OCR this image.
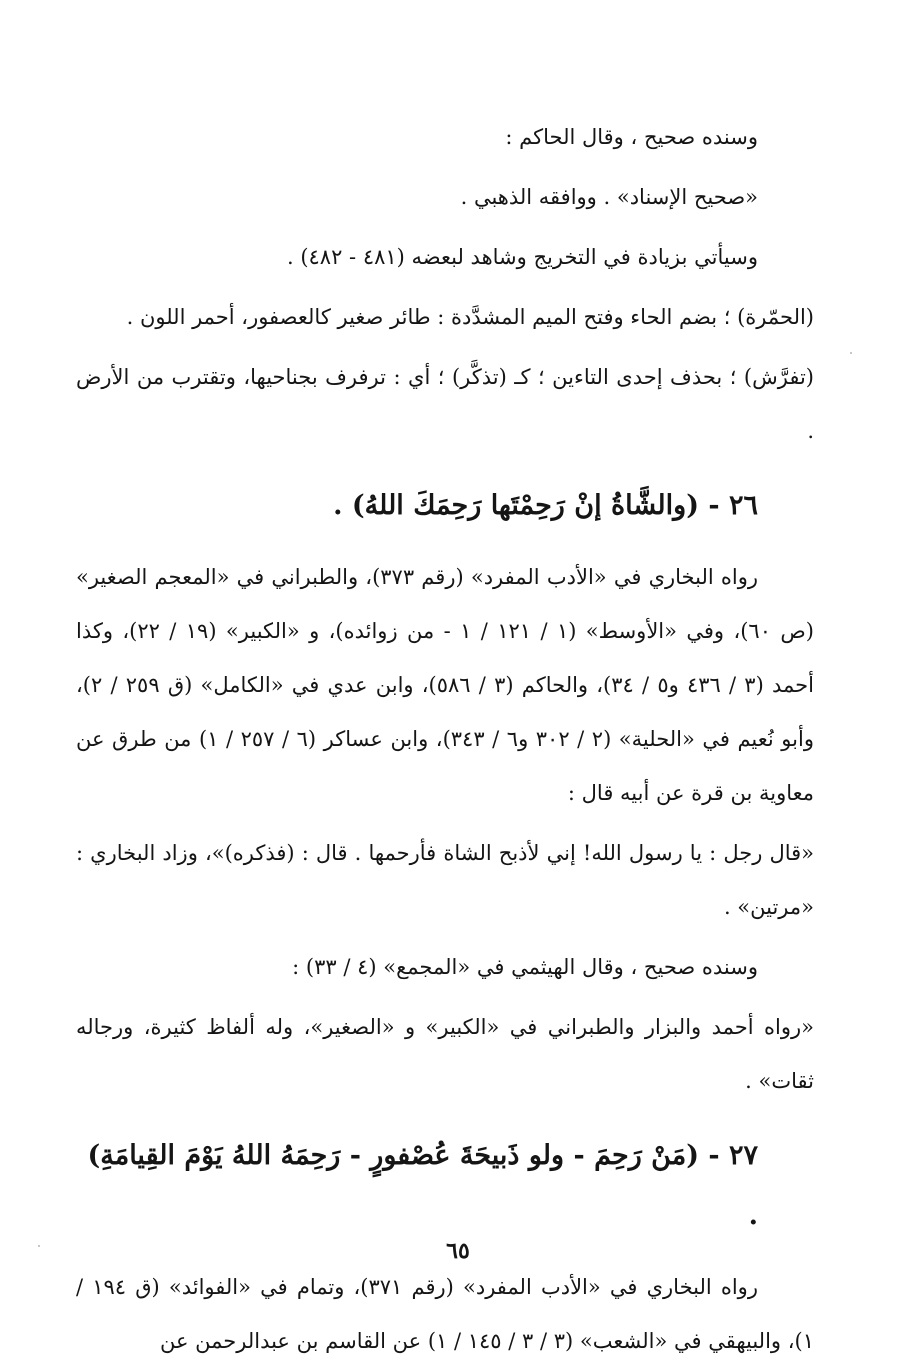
وسنده صحيح ، وقال الحاكم :

«صحيح الإسناد» . ووافقه الذهبي .

وسيأتي بزيادة في التخريج وشاهد لبعضه (٤٨١ - ٤٨٢) .

(الحمّرة) ؛ بضم الحاء وفتح الميم المشدَّدة : طائر صغير كالعصفور، أحمر اللون .

(تفرَّش) ؛ بحذف إحدى التاءين ؛ كـ (تذكَّر) ؛ أي : ترفرف بجناحيها، وتقترب من الأرض .

٢٦ - (والشَّاةُ إنْ رَحِمْتَها رَحِمَكَ اللهُ) .

رواه البخاري في «الأدب المفرد» (رقم ٣٧٣)، والطبراني في «المعجم الصغير» (ص ٦٠)، وفي «الأوسط» (١ / ١٢١ / ١ - من زوائده)، و «الكبير» (١٩ / ٢٢)، وكذا أحمد (٣ / ٤٣٦ و٥ / ٣٤)، والحاكم (٣ / ٥٨٦)، وابن عدي في «الكامل» (ق ٢٥٩ / ٢)، وأبو نُعيم في «الحلية» (٢ / ٣٠٢ و٦ / ٣٤٣)، وابن عساكر (٦ / ٢٥٧ / ١) من طرق عن معاوية بن قرة عن أبيه قال :

«قال رجل : يا رسول الله! إني لأذبح الشاة فأرحمها . قال : (فذكره)»، وزاد البخاري : «مرتين» .

وسنده صحيح ، وقال الهيثمي في «المجمع» (٤ / ٣٣) :

«رواه أحمد والبزار والطبراني في «الكبير» و «الصغير»، وله ألفاظ كثيرة، ورجاله ثقات» .

٢٧ - (مَنْ رَحِمَ - ولو ذَبيحَةَ عُصْفورٍ - رَحِمَهُ اللهُ يَوْمَ القِيامَةِ) .

رواه البخاري في «الأدب المفرد» (رقم ٣٧١)، وتمام في «الفوائد» (ق ١٩٤ / ١)، والبيهقي في «الشعب» (٣ / ٣ / ١٤٥ / ١) عن القاسم بن عبدالرحمن عن

٦٥
